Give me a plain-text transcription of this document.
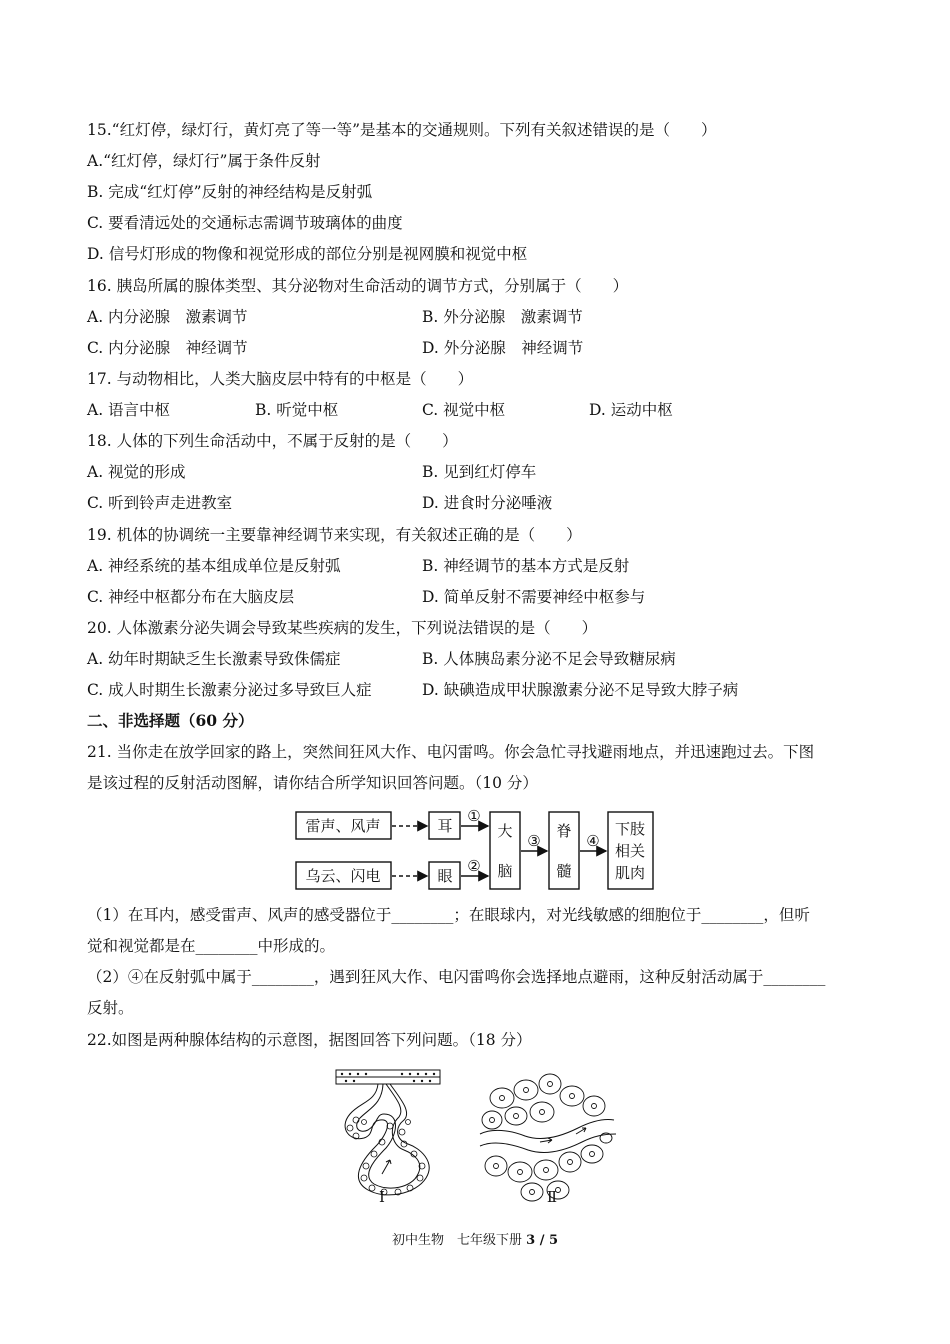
15.“红灯停，绿灯行，黄灯亮了等一等”是基本的交通规则。下列有关叙述错误的是（　　）
A.“红灯停，绿灯行”属于条件反射
B. 完成“红灯停”反射的神经结构是反射弧
C. 要看清远处的交通标志需调节玻璃体的曲度
D. 信号灯形成的物像和视觉形成的部位分别是视网膜和视觉中枢
16. 胰岛所属的腺体类型、其分泌物对生命活动的调节方式，分别属于（　　）
A. 内分泌腺　激素调节	B. 外分泌腺　激素调节
C. 内分泌腺　神经调节	D. 外分泌腺　神经调节
17. 与动物相比，人类大脑皮层中特有的中枢是（　　）
A. 语言中枢	B. 听觉中枢	C. 视觉中枢	D. 运动中枢
18. 人体的下列生命活动中，不属于反射的是（　　）
A. 视觉的形成	B. 见到红灯停车
C. 听到铃声走进教室	D. 进食时分泌唾液
19. 机体的协调统一主要靠神经调节来实现，有关叙述正确的是（　　）
A. 神经系统的基本组成单位是反射弧	B. 神经调节的基本方式是反射
C. 神经中枢都分布在大脑皮层	D. 简单反射不需要神经中枢参与
20. 人体激素分泌失调会导致某些疾病的发生，下列说法错误的是（　　）
A. 幼年时期缺乏生长激素导致侏儒症	B. 人体胰岛素分泌不足会导致糖尿病
C. 成人时期生长激素分泌过多导致巨人症	D. 缺碘造成甲状腺激素分泌不足导致大脖子病
二、非选择题（60 分）
21. 当你走在放学回家的路上，突然间狂风大作、电闪雷鸣。你会急忙寻找避雨地点，并迅速跑过去。下图
是该过程的反射活动图解，请你结合所学知识回答问题。（10 分）
雷声、风声
乌云、闪电
耳
眼
大
脑
脊
髓
下肢
相关
肌肉
①
②
③	④
（1）在耳内，感受雷声、风声的感受器位于________；在眼球内，对光线敏感的细胞位于________，但听
觉和视觉都是在________中形成的。
（2）④在反射弧中属于________，遇到狂风大作、电闪雷鸣你会选择地点避雨，这种反射活动属于________
反射。
22.如图是两种腺体结构的示意图，据图回答下列问题。（18 分）
Ⅰ	Ⅱ
初中生物　七年级下册 3 / 5
